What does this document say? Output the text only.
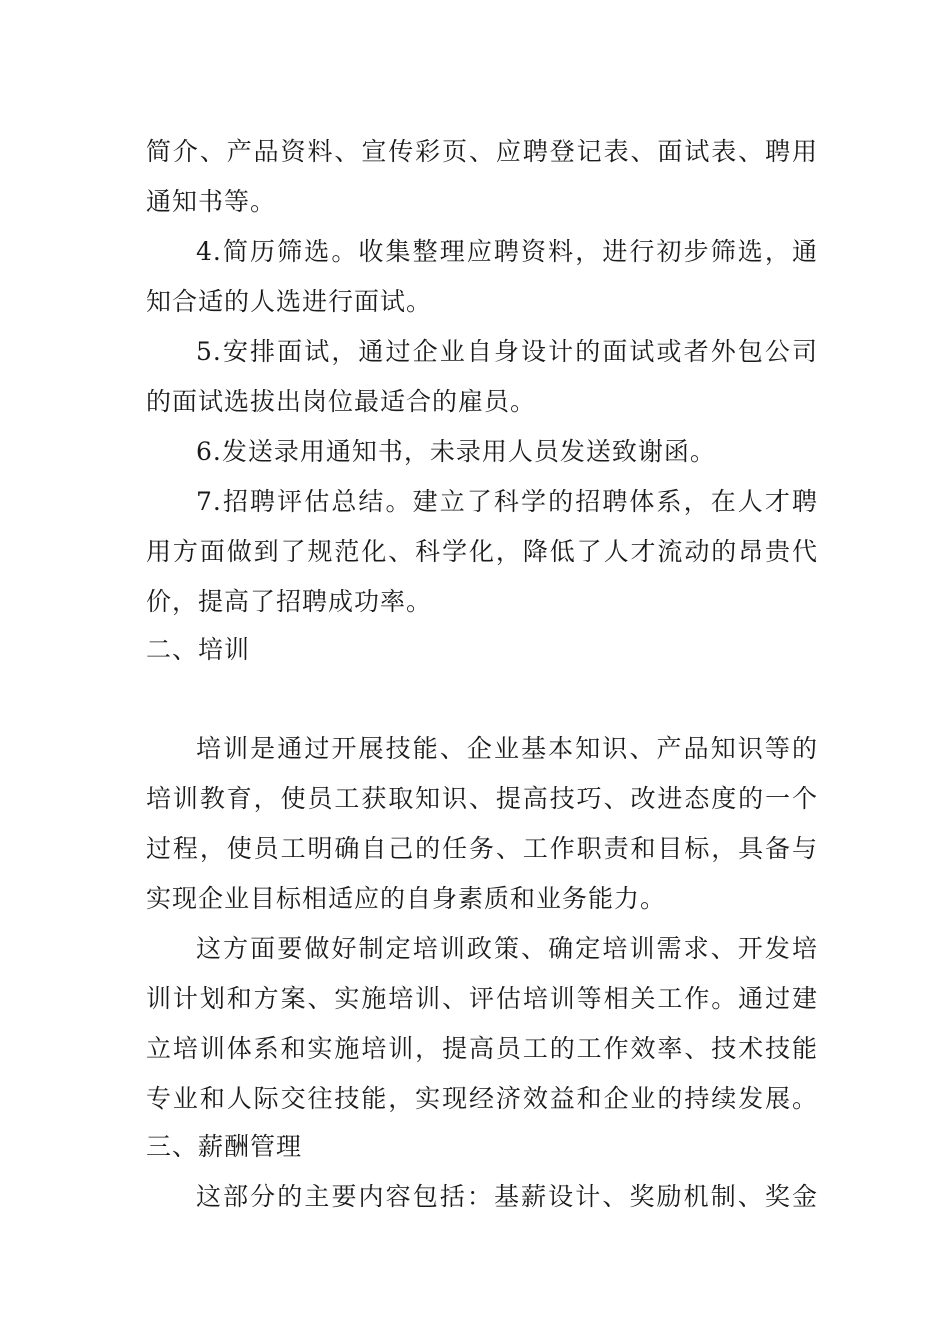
简介、产品资料、宣传彩页、应聘登记表、面试表、聘用
通知书等。
4.简历筛选。收集整理应聘资料，进行初步筛选，通
知合适的人选进行面试。
5.安排面试，通过企业自身设计的面试或者外包公司
的面试选拔出岗位最适合的雇员。
6.发送录用通知书，未录用人员发送致谢函。
7.招聘评估总结。建立了科学的招聘体系，在人才聘
用方面做到了规范化、科学化，降低了人才流动的昂贵代
价，提高了招聘成功率。
二、培训
培训是通过开展技能、企业基本知识、产品知识等的
培训教育，使员工获取知识、提高技巧、改进态度的一个
过程，使员工明确自己的任务、工作职责和目标，具备与
实现企业目标相适应的自身素质和业务能力。
这方面要做好制定培训政策、确定培训需求、开发培
训计划和方案、实施培训、评估培训等相关工作。通过建
立培训体系和实施培训，提高员工的工作效率、技术技能
专业和人际交往技能，实现经济效益和企业的持续发展。
三、薪酬管理
这部分的主要内容包括：基薪设计、奖励机制、奖金
